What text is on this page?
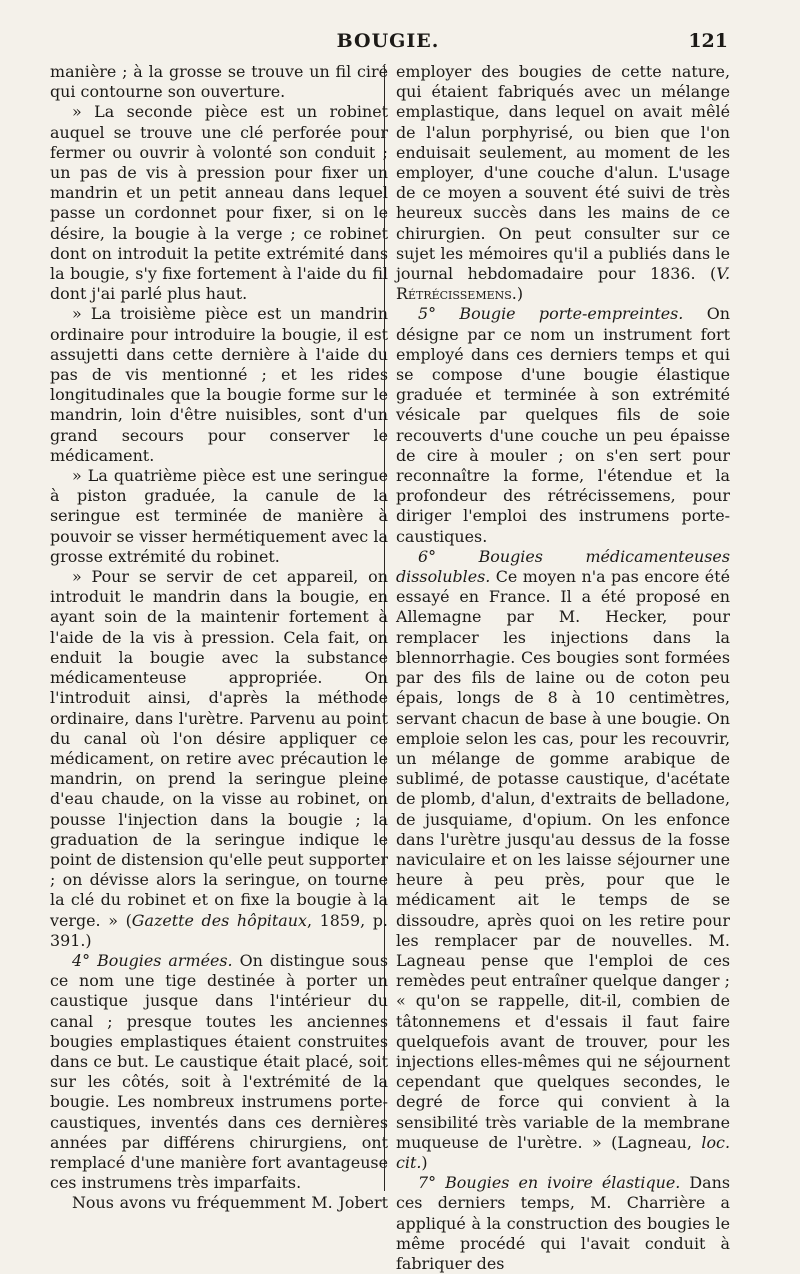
BOUGIE.	121

manière ; à la grosse se trouve un fil ciré qui contourne son ouverture.

» La seconde pièce est un robinet auquel se trouve une clé perforée pour fermer ou ouvrir à volonté son conduit ; un pas de vis à pression pour fixer un mandrin et un petit anneau dans lequel passe un cordonnet pour fixer, si on le désire, la bougie à la verge ; ce robinet dont on introduit la petite extrémité dans la bougie, s'y fixe fortement à l'aide du fil dont j'ai parlé plus haut.

» La troisième pièce est un mandrin ordinaire pour introduire la bougie, il est assujetti dans cette dernière à l'aide du pas de vis mentionné ; et les rides longitudinales que la bougie forme sur le mandrin, loin d'être nuisibles, sont d'un grand secours pour conserver le médicament.

» La quatrième pièce est une seringue à piston graduée, la canule de la seringue est terminée de manière à pouvoir se visser hermétiquement avec la grosse extrémité du robinet.

» Pour se servir de cet appareil, on introduit le mandrin dans la bougie, en ayant soin de la maintenir fortement à l'aide de la vis à pression. Cela fait, on enduit la bougie avec la substance médicamenteuse appropriée. On l'introduit ainsi, d'après la méthode ordinaire, dans l'urètre. Parvenu au point du canal où l'on désire appliquer ce médicament, on retire avec précaution le mandrin, on prend la seringue pleine d'eau chaude, on la visse au robinet, on pousse l'injection dans la bougie ; la graduation de la seringue indique le point de distension qu'elle peut supporter ; on dévisse alors la seringue, on tourne la clé du robinet et on fixe la bougie à la verge. » (Gazette des hôpitaux, 1859, p. 391.)

4° Bougies armées. On distingue sous ce nom une tige destinée à porter un caustique jusque dans l'intérieur du canal ; presque toutes les anciennes bougies emplastiques étaient construites dans ce but. Le caustique était placé, soit sur les côtés, soit à l'extrémité de la bougie. Les nombreux instrumens porte-caustiques, inventés dans ces dernières années par différens chirurgiens, ont remplacé d'une manière fort avantageuse ces instrumens très imparfaits.

Nous avons vu fréquemment M. Jobert

employer des bougies de cette nature, qui étaient fabriqués avec un mélange emplastique, dans lequel on avait mêlé de l'alun porphyrisé, ou bien que l'on enduisait seulement, au moment de les employer, d'une couche d'alun. L'usage de ce moyen a souvent été suivi de très heureux succès dans les mains de ce chirurgien. On peut consulter sur ce sujet les mémoires qu'il a publiés dans le journal hebdomadaire pour 1836. (V. Rétrécissemens.)

5° Bougie porte-empreintes. On désigne par ce nom un instrument fort employé dans ces derniers temps et qui se compose d'une bougie élastique graduée et terminée à son extrémité vésicale par quelques fils de soie recouverts d'une couche un peu épaisse de cire à mouler ; on s'en sert pour reconnaître la forme, l'étendue et la profondeur des rétrécissemens, pour diriger l'emploi des instrumens porte-caustiques.

6° Bougies médicamenteuses dissolubles. Ce moyen n'a pas encore été essayé en France. Il a été proposé en Allemagne par M. Hecker, pour remplacer les injections dans la blennorrhagie. Ces bougies sont formées par des fils de laine ou de coton peu épais, longs de 8 à 10 centimètres, servant chacun de base à une bougie. On emploie selon les cas, pour les recouvrir, un mélange de gomme arabique de sublimé, de potasse caustique, d'acétate de plomb, d'alun, d'extraits de belladone, de jusquiame, d'opium. On les enfonce dans l'urètre jusqu'au dessus de la fosse naviculaire et on les laisse séjourner une heure à peu près, pour que le médicament ait le temps de se dissoudre, après quoi on les retire pour les remplacer par de nouvelles. M. Lagneau pense que l'emploi de ces remèdes peut entraîner quelque danger ; « qu'on se rappelle, dit-il, combien de tâtonnemens et d'essais il faut faire quelquefois avant de trouver, pour les injections elles-mêmes qui ne séjournent cependant que quelques secondes, le degré de force qui convient à la sensibilité très variable de la membrane muqueuse de l'urètre. » (Lagneau, loc. cit.)

7° Bougies en ivoire élastique. Dans ces derniers temps, M. Charrière a appliqué à la construction des bougies le même procédé qui l'avait conduit à fabriquer des
